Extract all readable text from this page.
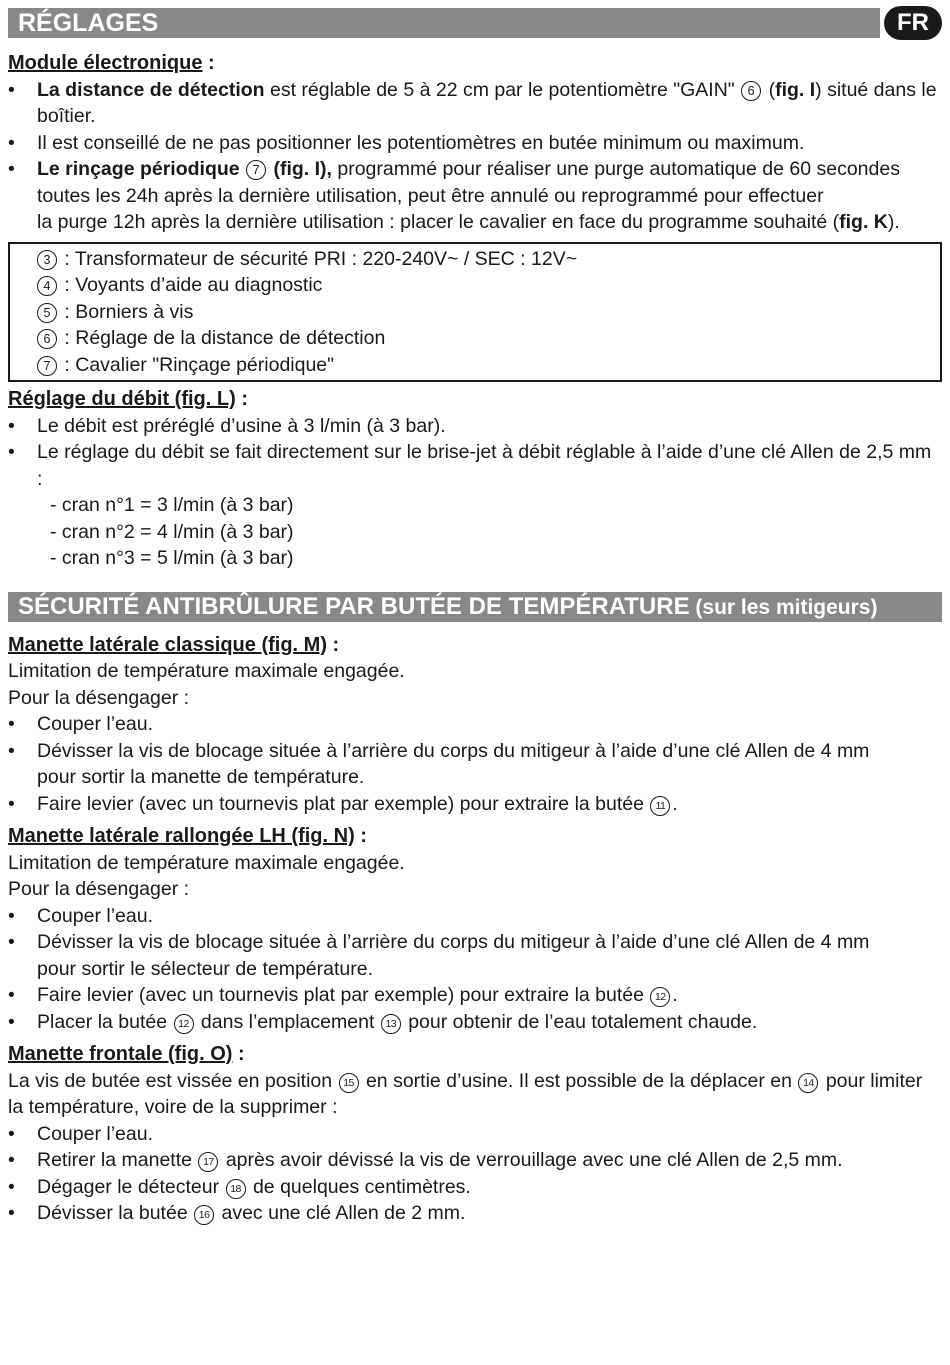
RÉGLAGES	FR
Module électronique :
• La distance de détection est réglable de 5 à 22 cm par le potentiomètre "GAIN" 6 (fig. I) situé dans le
boîtier.
• Il est conseillé de ne pas positionner les potentiomètres en butée minimum ou maximum.
• Le rinçage périodique 7 (fig. I), programmé pour réaliser une purge automatique de 60 secondes
toutes les 24h après la dernière utilisation, peut être annulé ou reprogrammé pour effectuer
la purge 12h après la dernière utilisation : placer le cavalier en face du programme souhaité (fig. K).
3 : Transformateur de sécurité PRI : 220-240V~ / SEC : 12V~
4 : Voyants d’aide au diagnostic
5 : Borniers à vis
6 : Réglage de la distance de détection
7 : Cavalier "Rinçage périodique"
Réglage du débit (fig. L) :
• Le débit est préréglé d’usine à 3 l/min (à 3 bar).
• Le réglage du débit se fait directement sur le brise-jet à débit réglable à l’aide d’une clé Allen de 2,5 mm :
- cran n°1 = 3 l/min (à 3 bar)
- cran n°2 = 4 l/min (à 3 bar)
- cran n°3 = 5 l/min (à 3 bar)
SÉCURITÉ ANTIBRÛLURE PAR BUTÉE DE TEMPÉRATURE (sur les mitigeurs)
Manette latérale classique (fig. M) :

Limitation de température maximale engagée.

Pour la désengager :

• Couper l’eau.
• Dévisser la vis de blocage située à l’arrière du corps du mitigeur à l’aide d’une clé Allen de 4 mm
pour sortir la manette de température.
• Faire levier (avec un tournevis plat par exemple) pour extraire la butée 11 .
Manette latérale rallongée LH (fig. N) :

Limitation de température maximale engagée.

Pour la désengager :

• Couper l’eau.
• Dévisser la vis de blocage située à l’arrière du corps du mitigeur à l’aide d’une clé Allen de 4 mm
pour sortir le sélecteur de température.
• Faire levier (avec un tournevis plat par exemple) pour extraire la butée 12 .
• Placer la butée 12 dans l’emplacement 13 pour obtenir de l’eau totalement chaude.
Manette frontale (fig. O) :

La vis de butée est vissée en position 15 en sortie d’usine. Il est possible de la déplacer en 14 pour limiter

la température, voire de la supprimer :

• Couper l’eau.
• Retirer la manette 17 après avoir dévissé la vis de verrouillage avec une clé Allen de 2,5 mm.
• Dégager le détecteur 18 de quelques centimètres.
• Dévisser la butée 16 avec une clé Allen de 2 mm.
